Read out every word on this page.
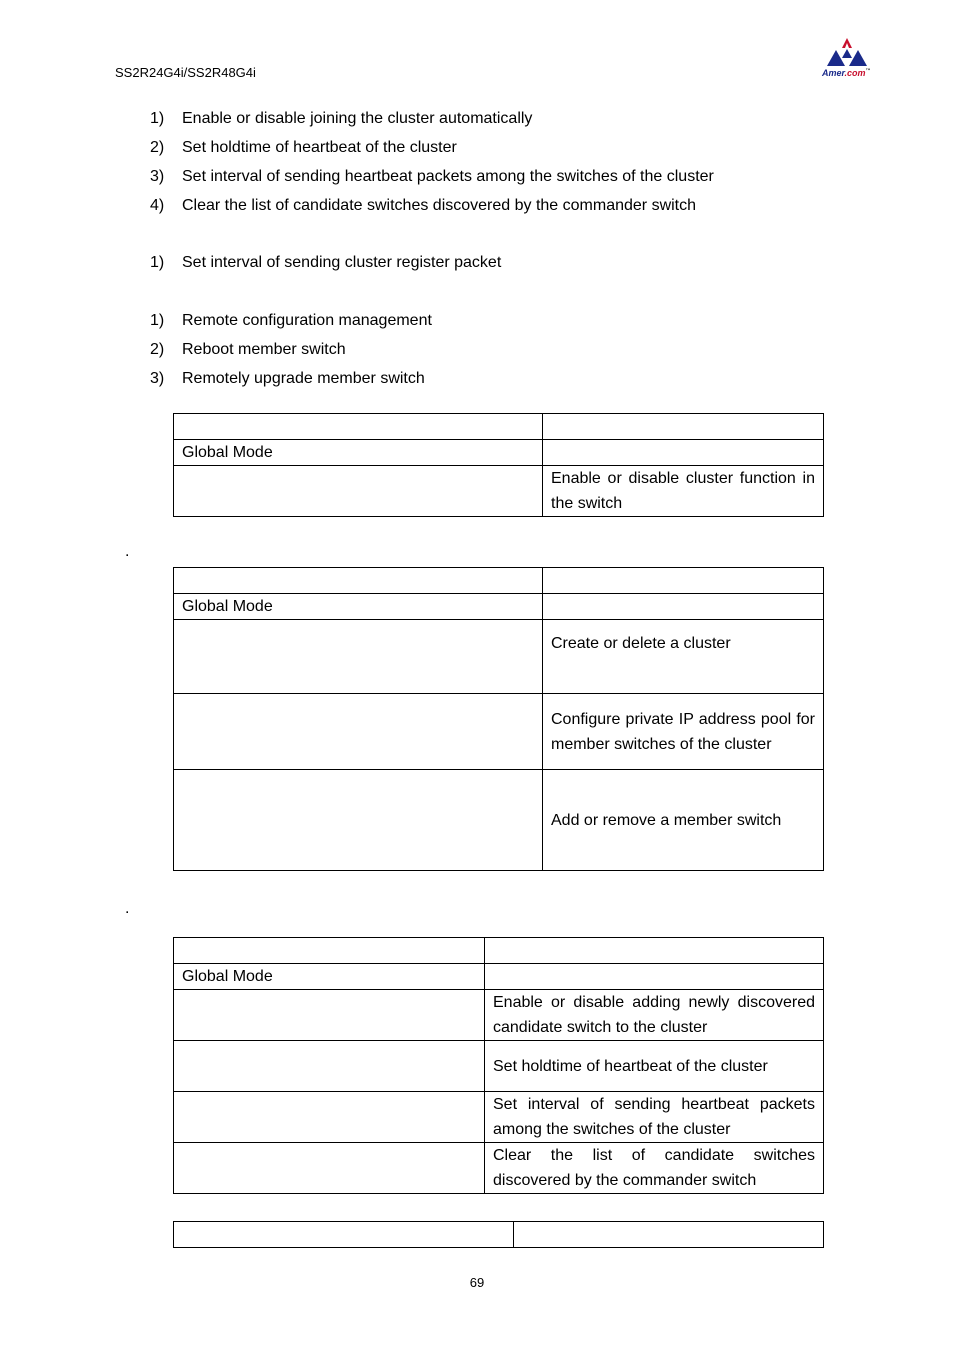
SS2R24G4i/SS2R48G4i	Amer.com™
1) Enable or disable joining the cluster automatically
2) Set holdtime of heartbeat of the cluster
3) Set interval of sending heartbeat packets among the switches of the cluster
4) Clear the list of candidate switches discovered by the commander switch
1) Set interval of sending cluster register packet
1) Remote configuration management
2) Reboot member switch
3) Remotely upgrade member switch

Global Mode	
	Enable or disable cluster function in the switch
.

Global Mode	
	Create or delete a cluster
	Configure private IP address pool for member switches of the cluster
	Add or remove a member switch
.

Global Mode	
	Enable or disable adding newly discovered candidate switch to the cluster
	Set holdtime of heartbeat of the cluster
	Set interval of sending heartbeat packets among the switches of the cluster
	Clear the list of candidate switches discovered by the commander switch

69
